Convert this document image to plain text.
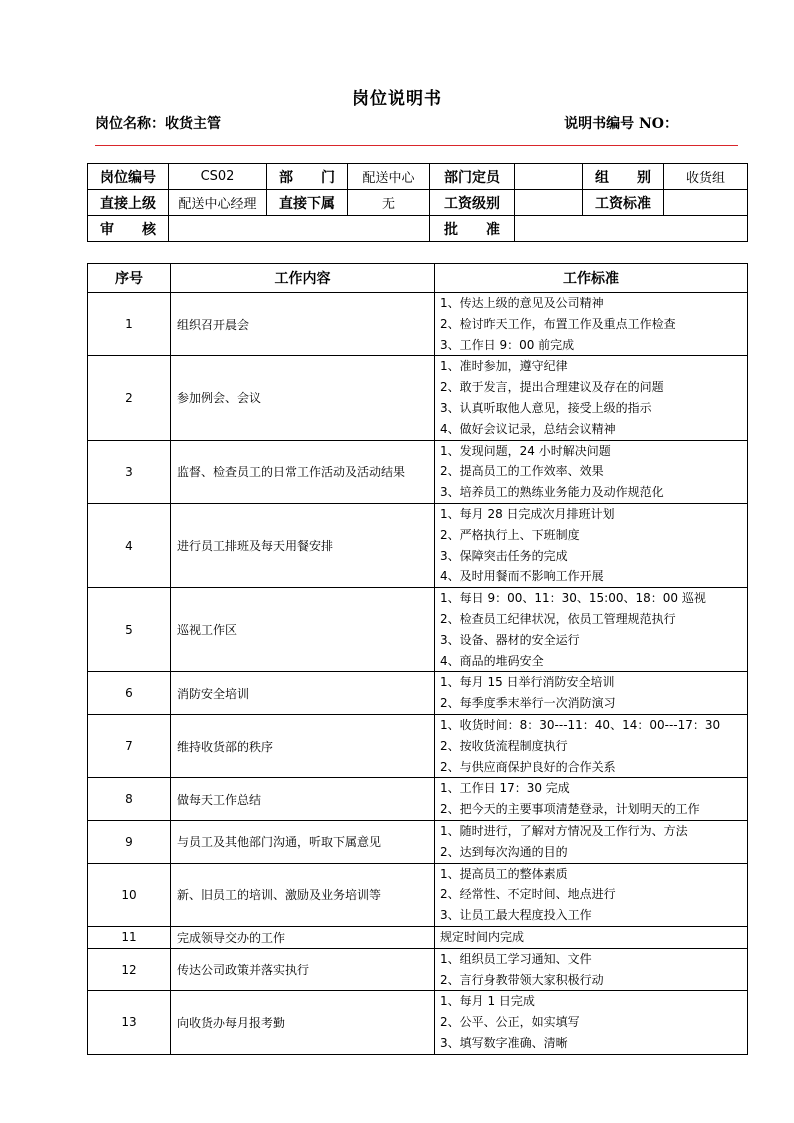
岗位说明书
岗位名称：收货主管	说明书编号 NO：
岗位编号	CS02	部　　门	配送中心	部门定员		组　　别	收货组
直接上级	配送中心经理	直接下属	无	工资级别		工资标准	
审　　核				批　　准			
序号	工作内容	工作标准
1	组织召开晨会	1、传达上级的意见及公司精神
2、检讨昨天工作，布置工作及重点工作检查
3、工作日 9：00 前完成

2	参加例会、会议	1、准时参加，遵守纪律
2、敢于发言，提出合理建议及存在的问题
3、认真听取他人意见，接受上级的指示
4、做好会议记录，总结会议精神

3	监督、检查员工的日常工作活动及活动结果	1、发现问题，24 小时解决问题
2、提高员工的工作效率、效果
3、培养员工的熟练业务能力及动作规范化

4	进行员工排班及每天用餐安排	1、每月 28 日完成次月排班计划
2、严格执行上、下班制度
3、保障突击任务的完成
4、及时用餐而不影响工作开展

5	巡视工作区	1、每日 9：00、11：30、15:00、18：00 巡视
2、检查员工纪律状况，依员工管理规范执行
3、设备、器材的安全运行
4、商品的堆码安全

6	消防安全培训	1、每月 15 日举行消防安全培训
2、每季度季末举行一次消防演习

7	维持收货部的秩序	1、收货时间：8：30---11：40、14：00---17：30
2、按收货流程制度执行
2、与供应商保护良好的合作关系

8	做每天工作总结	1、工作日 17：30 完成
2、把今天的主要事项清楚登录，计划明天的工作

9	与员工及其他部门沟通，听取下属意见	1、随时进行，了解对方情况及工作行为、方法
2、达到每次沟通的目的

10	新、旧员工的培训、激励及业务培训等	1、提高员工的整体素质
2、经常性、不定时间、地点进行
3、让员工最大程度投入工作

11	完成领导交办的工作	规定时间内完成

12	传达公司政策并落实执行	1、组织员工学习通知、文件
2、言行身教带领大家积极行动

13	向收货办每月报考勤	1、每月 1 日完成
2、公平、公正，如实填写
3、填写数字准确、清晰
